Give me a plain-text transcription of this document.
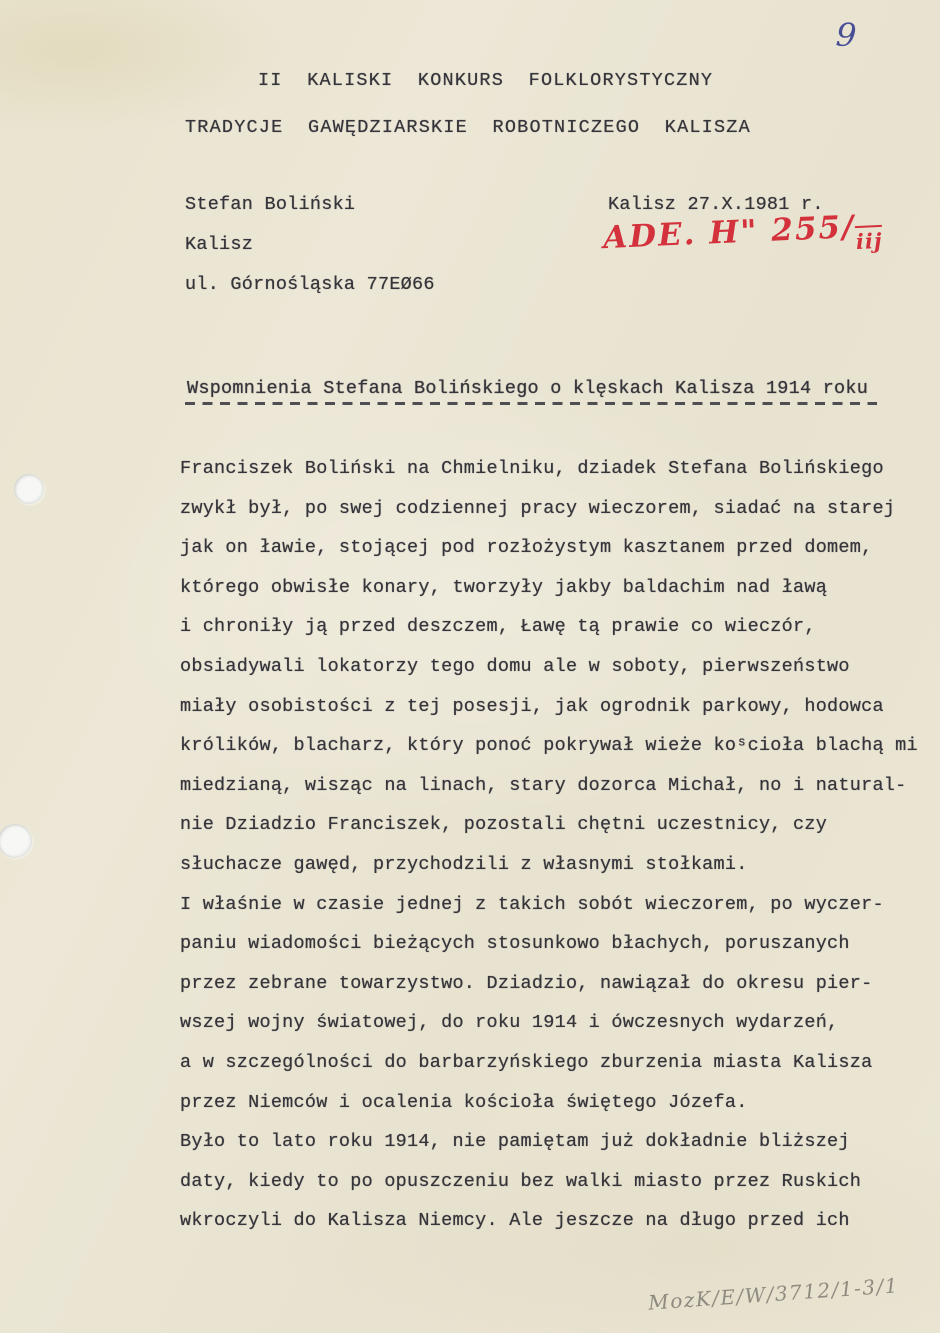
9
II  KALISKI  KONKURS  FOLKLORYSTYCZNY
TRADYCJE  GAWĘDZIARSKIE  ROBOTNICZEGO  KALISZA
Stefan Boliński
Kalisz
ul. Górnośląska 77EØ66
Kalisz 27.X.1981 r.
ADE. H" 255/iij
Wspomnienia Stefana Bolińskiego o klęskach Kalisza 1914 roku
Franciszek Boliński na Chmielniku, dziadek Stefana Bolińskiego
zwykł był, po swej codziennej pracy wieczorem, siadać na starej
jak on ławie, stojącej pod rozłożystym kasztanem przed domem,
którego obwisłe konary, tworzyły jakby baldachim nad ławą
i chroniły ją przed deszczem, Ławę tą prawie co wieczór,
obsiadywali lokatorzy tego domu ale w soboty, pierwszeństwo
miały osobistości z tej posesji, jak ogrodnik parkowy, hodowca
królików, blacharz, który ponoć pokrywał wieże koˢcioła blachą mi
miedzianą, wisząc na linach, stary dozorca Michał, no i natural-
nie Dziadzio Franciszek, pozostali chętni uczestnicy, czy
słuchacze gawęd, przychodzili z własnymi stołkami.
I właśnie w czasie jednej z takich sobót wieczorem, po wyczer-
paniu wiadomości bieżących stosunkowo błachych, poruszanych
przez zebrane towarzystwo. Dziadzio, nawiązał do okresu pier-
wszej wojny światowej, do roku 1914 i ówczesnych wydarzeń,
a w szczególności do barbarzyńskiego zburzenia miasta Kalisza
przez Niemców i ocalenia kościoła świętego Józefa.
Było to lato roku 1914, nie pamiętam już dokładnie bliższej
daty, kiedy to po opuszczeniu bez walki miasto przez Ruskich
wkroczyli do Kalisza Niemcy. Ale jeszcze na długo przed ich
MozK/E/W/3712/1-3/1
